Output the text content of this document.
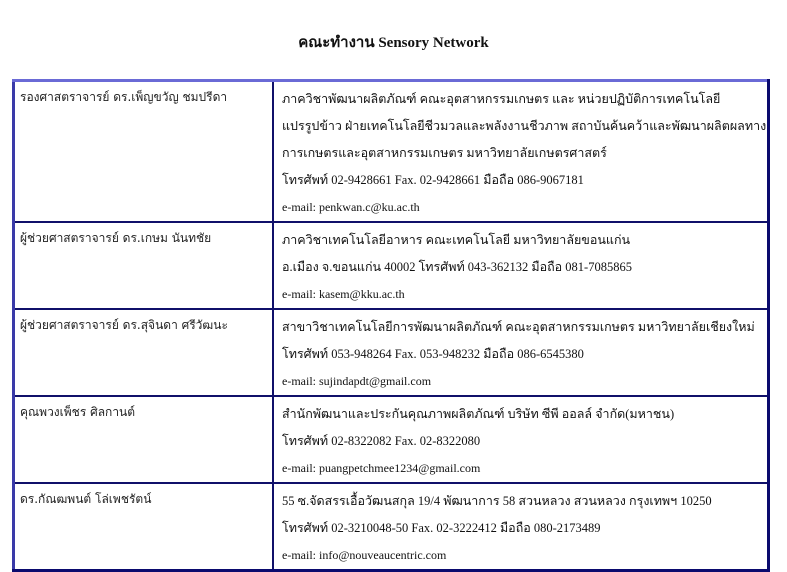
คณะทำงาน Sensory Network
รองศาสตราจารย์ ดร.เพ็ญขวัญ ชมปรีดา	ภาควิชาพัฒนาผลิตภัณฑ์ คณะอุตสาหกรรมเกษตร และ หน่วยปฏิบัติการเทคโนโลยี
แปรรูปข้าว ฝ่ายเทคโนโลยีชีวมวลและพลังงานชีวภาพ สถาบันค้นคว้าและพัฒนาผลิตผลทาง
การเกษตรและอุตสาหกรรมเกษตร มหาวิทยาลัยเกษตรศาสตร์
โทรศัพท์ 02-9428661 Fax. 02-9428661 มือถือ 086-9067181
e-mail: penkwan.c@ku.ac.th

ผู้ช่วยศาสตราจารย์ ดร.เกษม นันทชัย	ภาควิชาเทคโนโลยีอาหาร คณะเทคโนโลยี มหาวิทยาลัยขอนแก่น
อ.เมือง จ.ขอนแก่น 40002 โทรศัพท์ 043-362132 มือถือ 081-7085865
e-mail: kasem@kku.ac.th

ผู้ช่วยศาสตราจารย์ ดร.สุจินดา ศรีวัฒนะ	สาขาวิชาเทคโนโลยีการพัฒนาผลิตภัณฑ์ คณะอุตสาหกรรมเกษตร มหาวิทยาลัยเชียงใหม่
โทรศัพท์ 053-948264 Fax. 053-948232 มือถือ 086-6545380
e-mail: sujindapdt@gmail.com

คุณพวงเพ็ชร ศิลกานต์	สำนักพัฒนาและประกันคุณภาพผลิตภัณฑ์ บริษัท ซีพี ออลล์ จำกัด(มหาชน)
โทรศัพท์ 02-8322082 Fax. 02-8322080
e-mail: puangpetchmee1234@gmail.com

ดร.กัณฒพนต์ โล่เพชรัตน์	55 ซ.จัดสรรเอื้อวัฒนสกุล 19/4 พัฒนาการ 58 สวนหลวง สวนหลวง กรุงเทพฯ 10250
โทรศัพท์ 02-3210048-50 Fax. 02-3222412 มือถือ 080-2173489
e-mail: info@nouveaucentric.com
